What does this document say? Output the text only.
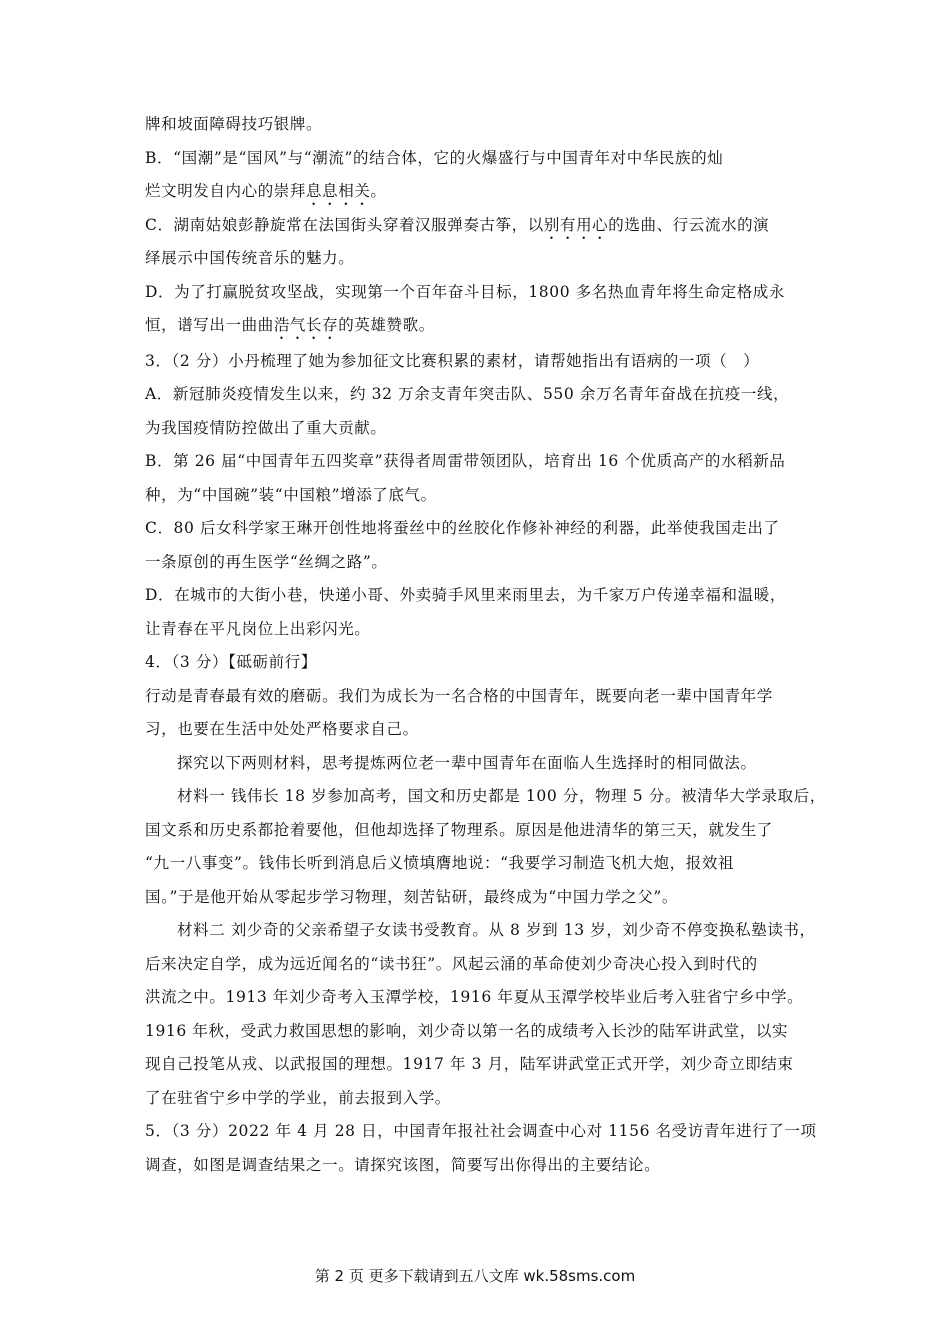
牌和坡面障碍技巧银牌。
B．“国潮”是“国风”与“潮流”的结合体，它的火爆盛行与中国青年对中华民族的灿
烂文明发自内心的崇拜息息相关。
C．湖南姑娘彭静旋常在法国街头穿着汉服弹奏古筝，以别有用心的选曲、行云流水的演
绎展示中国传统音乐的魅力。
D．为了打赢脱贫攻坚战，实现第一个百年奋斗目标，1800 多名热血青年将生命定格成永
恒，谱写出一曲曲浩气长存的英雄赞歌。
3．（2 分）小丹梳理了她为参加征文比赛积累的素材，请帮她指出有语病的一项（　）
A．新冠肺炎疫情发生以来，约 32 万余支青年突击队、550 余万名青年奋战在抗疫一线，
为我国疫情防控做出了重大贡献。
B．第 26 届“中国青年五四奖章”获得者周雷带领团队，培育出 16 个优质高产的水稻新品
种，为“中国碗”装“中国粮”增添了底气。
C．80 后女科学家王琳开创性地将蚕丝中的丝胶化作修补神经的利器，此举使我国走出了
一条原创的再生医学“丝绸之路”。
D．在城市的大街小巷，快递小哥、外卖骑手风里来雨里去，为千家万户传递幸福和温暖，
让青春在平凡岗位上出彩闪光。
4．（3 分）【砥砺前行】
行动是青春最有效的磨砺。我们为成长为一名合格的中国青年，既要向老一辈中国青年学
习，也要在生活中处处严格要求自己。
探究以下两则材料，思考提炼两位老一辈中国青年在面临人生选择时的相同做法。
材料一 钱伟长 18 岁参加高考，国文和历史都是 100 分，物理 5 分。被清华大学录取后，
国文系和历史系都抢着要他，但他却选择了物理系。原因是他进清华的第三天，就发生了
“九一八事变”。钱伟长听到消息后义愤填膺地说：“我要学习制造飞机大炮，报效祖
国。”于是他开始从零起步学习物理，刻苦钻研，最终成为“中国力学之父”。
材料二 刘少奇的父亲希望子女读书受教育。从 8 岁到 13 岁，刘少奇不停变换私塾读书，
后来决定自学，成为远近闻名的“读书狂”。风起云涌的革命使刘少奇决心投入到时代的
洪流之中。1913 年刘少奇考入玉潭学校，1916 年夏从玉潭学校毕业后考入驻省宁乡中学。
1916 年秋，受武力救国思想的影响，刘少奇以第一名的成绩考入长沙的陆军讲武堂，以实
现自己投笔从戎、以武报国的理想。1917 年 3 月，陆军讲武堂正式开学，刘少奇立即结束
了在驻省宁乡中学的学业，前去报到入学。
5．（3 分）2022 年 4 月 28 日，中国青年报社社会调查中心对 1156 名受访青年进行了一项
调查，如图是调查结果之一。请探究该图，简要写出你得出的主要结论。
第 2 页 更多下载请到五八文库 wk.58sms.com
